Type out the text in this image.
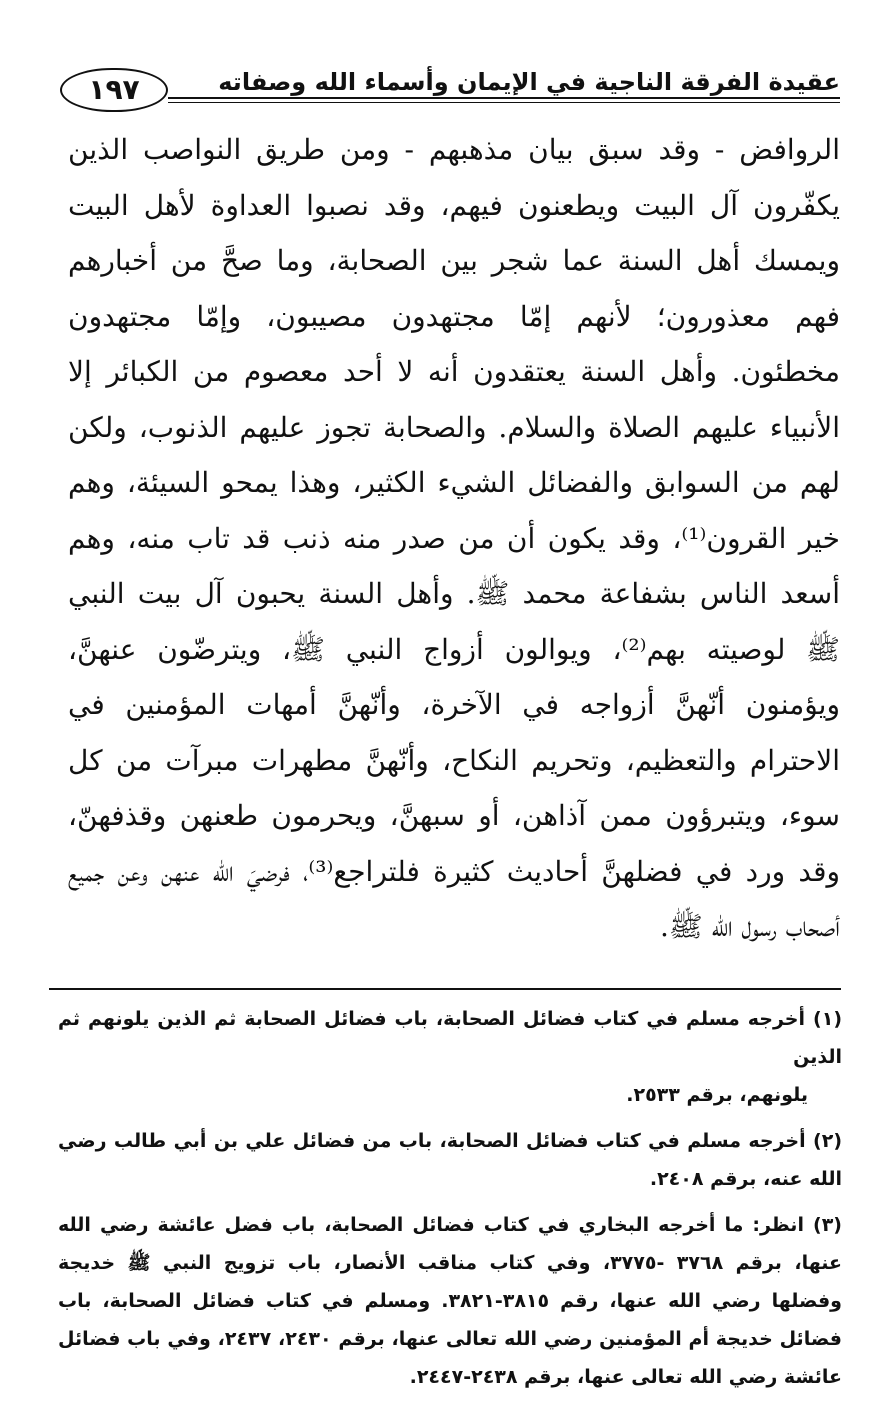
عقيدة الفرقة الناجية في الإيمان وأسماء الله وصفاته
١٩٧

الروافض - وقد سبق بيان مذهبهم - ومن طريق النواصب الذين يكفّرون آل البيت ويطعنون فيهم، وقد نصبوا العداوة لأهل البيت ويمسك أهل السنة عما شجر بين الصحابة، وما صحَّ من أخبارهم فهم معذورون؛ لأنهم إمّا مجتهدون مصيبون، وإمّا مجتهدون مخطئون. وأهل السنة يعتقدون أنه لا أحد معصوم من الكبائر إلا الأنبياء عليهم الصلاة والسلام. والصحابة تجوز عليهم الذنوب، ولكن لهم من السوابق والفضائل الشيء الكثير، وهذا يمحو السيئة، وهم خير القرون⁽¹⁾، وقد يكون أن من صدر منه ذنب قد تاب منه، وهم أسعد الناس بشفاعة محمد ﷺ. وأهل السنة يحبون آل بيت النبي ﷺ لوصيته بهم⁽²⁾، ويوالون أزواج النبي ﷺ، ويترضّون عنهنَّ، ويؤمنون أنّهنَّ أزواجه في الآخرة، وأنّهنَّ أمهات المؤمنين في الاحترام والتعظيم، وتحريم النكاح، وأنّهنَّ مطهرات مبرآت من كل سوء، ويتبرؤون ممن آذاهن، أو سبهنَّ، ويحرمون طعنهن وقذفهنّ، وقد ورد في فضلهنَّ أحاديث كثيرة فلتراجع⁽³⁾، فرضيَ الله عنهن وعن جميع أصحاب رسول الله ﷺ.

(١) أخرجه مسلم في كتاب فضائل الصحابة، باب فضائل الصحابة ثم الذين يلونهم ثم الذين
يلونهم، برقم ٢٥٣٣.

(٢) أخرجه مسلم في كتاب فضائل الصحابة، باب من فضائل علي بن أبي طالب رضي الله عنه، برقم ٢٤٠٨.

(٣) انظر: ما أخرجه البخاري في كتاب فضائل الصحابة، باب فضل عائشة رضي الله عنها، برقم ٣٧٦٨ -٣٧٧٥، وفي كتاب مناقب الأنصار، باب تزويج النبي ﷺ خديجة وفضلها رضي الله عنها، رقم ٣٨١٥-٣٨٢١. ومسلم في كتاب فضائل الصحابة، باب فضائل خديجة أم المؤمنين رضي الله تعالى عنها، برقم ٢٤٣٠، ٢٤٣٧، وفي باب فضائل عائشة رضي الله تعالى عنها، برقم ٢٤٣٨-٢٤٤٧.
